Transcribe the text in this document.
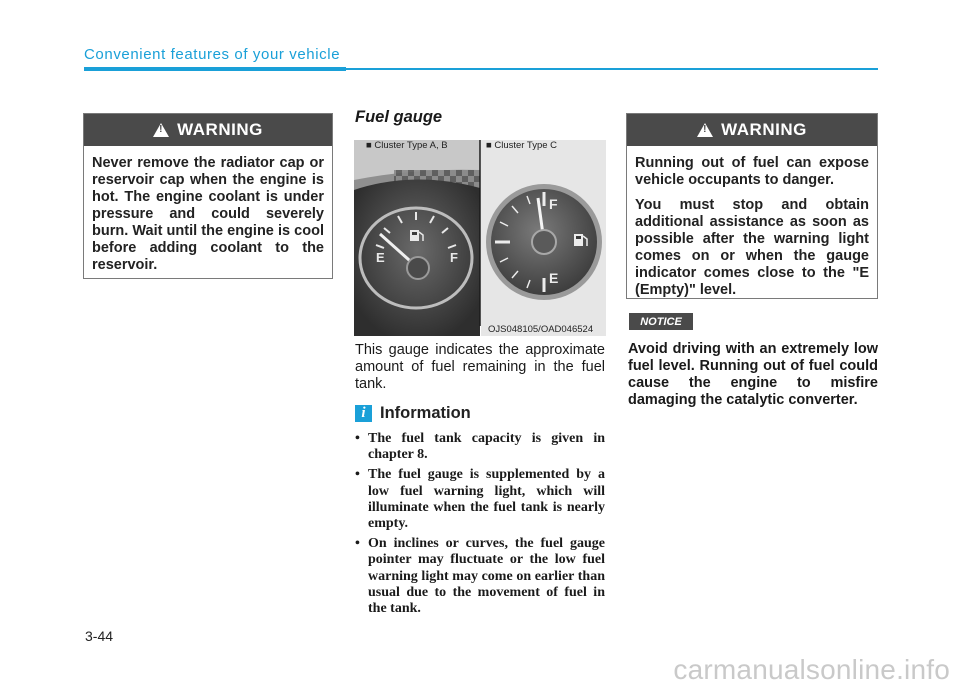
Convenient features of your vehicle
!
WARNING
Never remove the radiator cap or reservoir cap when the engine is hot. The engine coolant is under pressure and could severely burn. Wait until the engine is cool before adding coolant to the reservoir.
Fuel gauge
E	F
F
E
■ Cluster Type A, B	■ Cluster Type C
OJS048105/OAD046524
This gauge indicates the approximate amount of fuel remaining in the fuel tank.
i Information
• The fuel tank capacity is given in chapter 8.
• The fuel gauge is supplemented by a low fuel warning light, which will illuminate when the fuel tank is nearly empty.
• On inclines or curves, the fuel gauge pointer may fluctuate or the low fuel warning light may come on earlier than usual due to the movement of fuel in the tank.
!
WARNING

Running out of fuel can expose vehicle occupants to danger.

You must stop and obtain additional assistance as soon as possible after the warning light comes on or when the gauge indicator comes close to the "E (Empty)" level.

NOTICE
Avoid driving with an extremely low fuel level. Running out of fuel could cause the engine to misfire damaging the catalytic converter.
3-44
carmanualsonline.info
